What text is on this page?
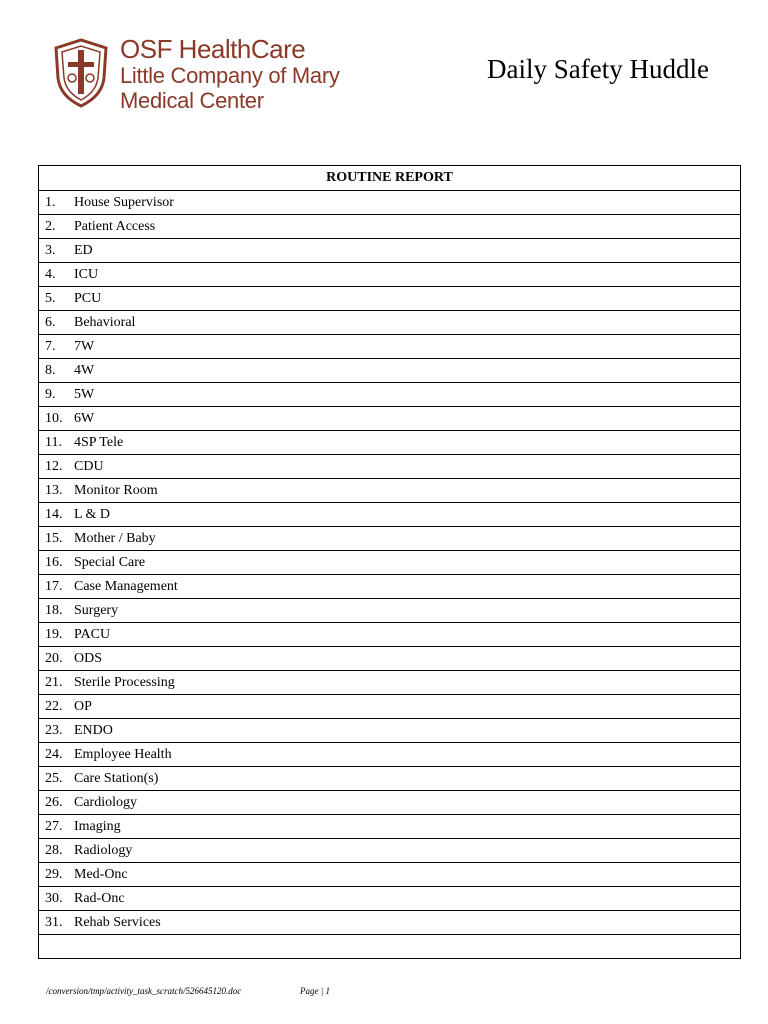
OSF HealthCare
Little Company of Mary
Medical Center
Daily Safety Huddle
ROUTINE REPORT
1. House Supervisor
2. Patient Access
3. ED
4. ICU
5. PCU
6. Behavioral
7. 7W
8. 4W
9. 5W
10. 6W
11. 4SP Tele
12. CDU
13. Monitor Room
14. L & D
15. Mother / Baby
16. Special Care
17. Case Management
18. Surgery
19. PACU
20. ODS
21. Sterile Processing
22. OP
23. ENDO
24. Employee Health
25. Care Station(s)
26. Cardiology
27. Imaging
28. Radiology
29. Med-Onc
30. Rad-Onc
31. Rehab Services

/conversion/tmp/activity_task_scratch/526645120.doc	Page | 1
